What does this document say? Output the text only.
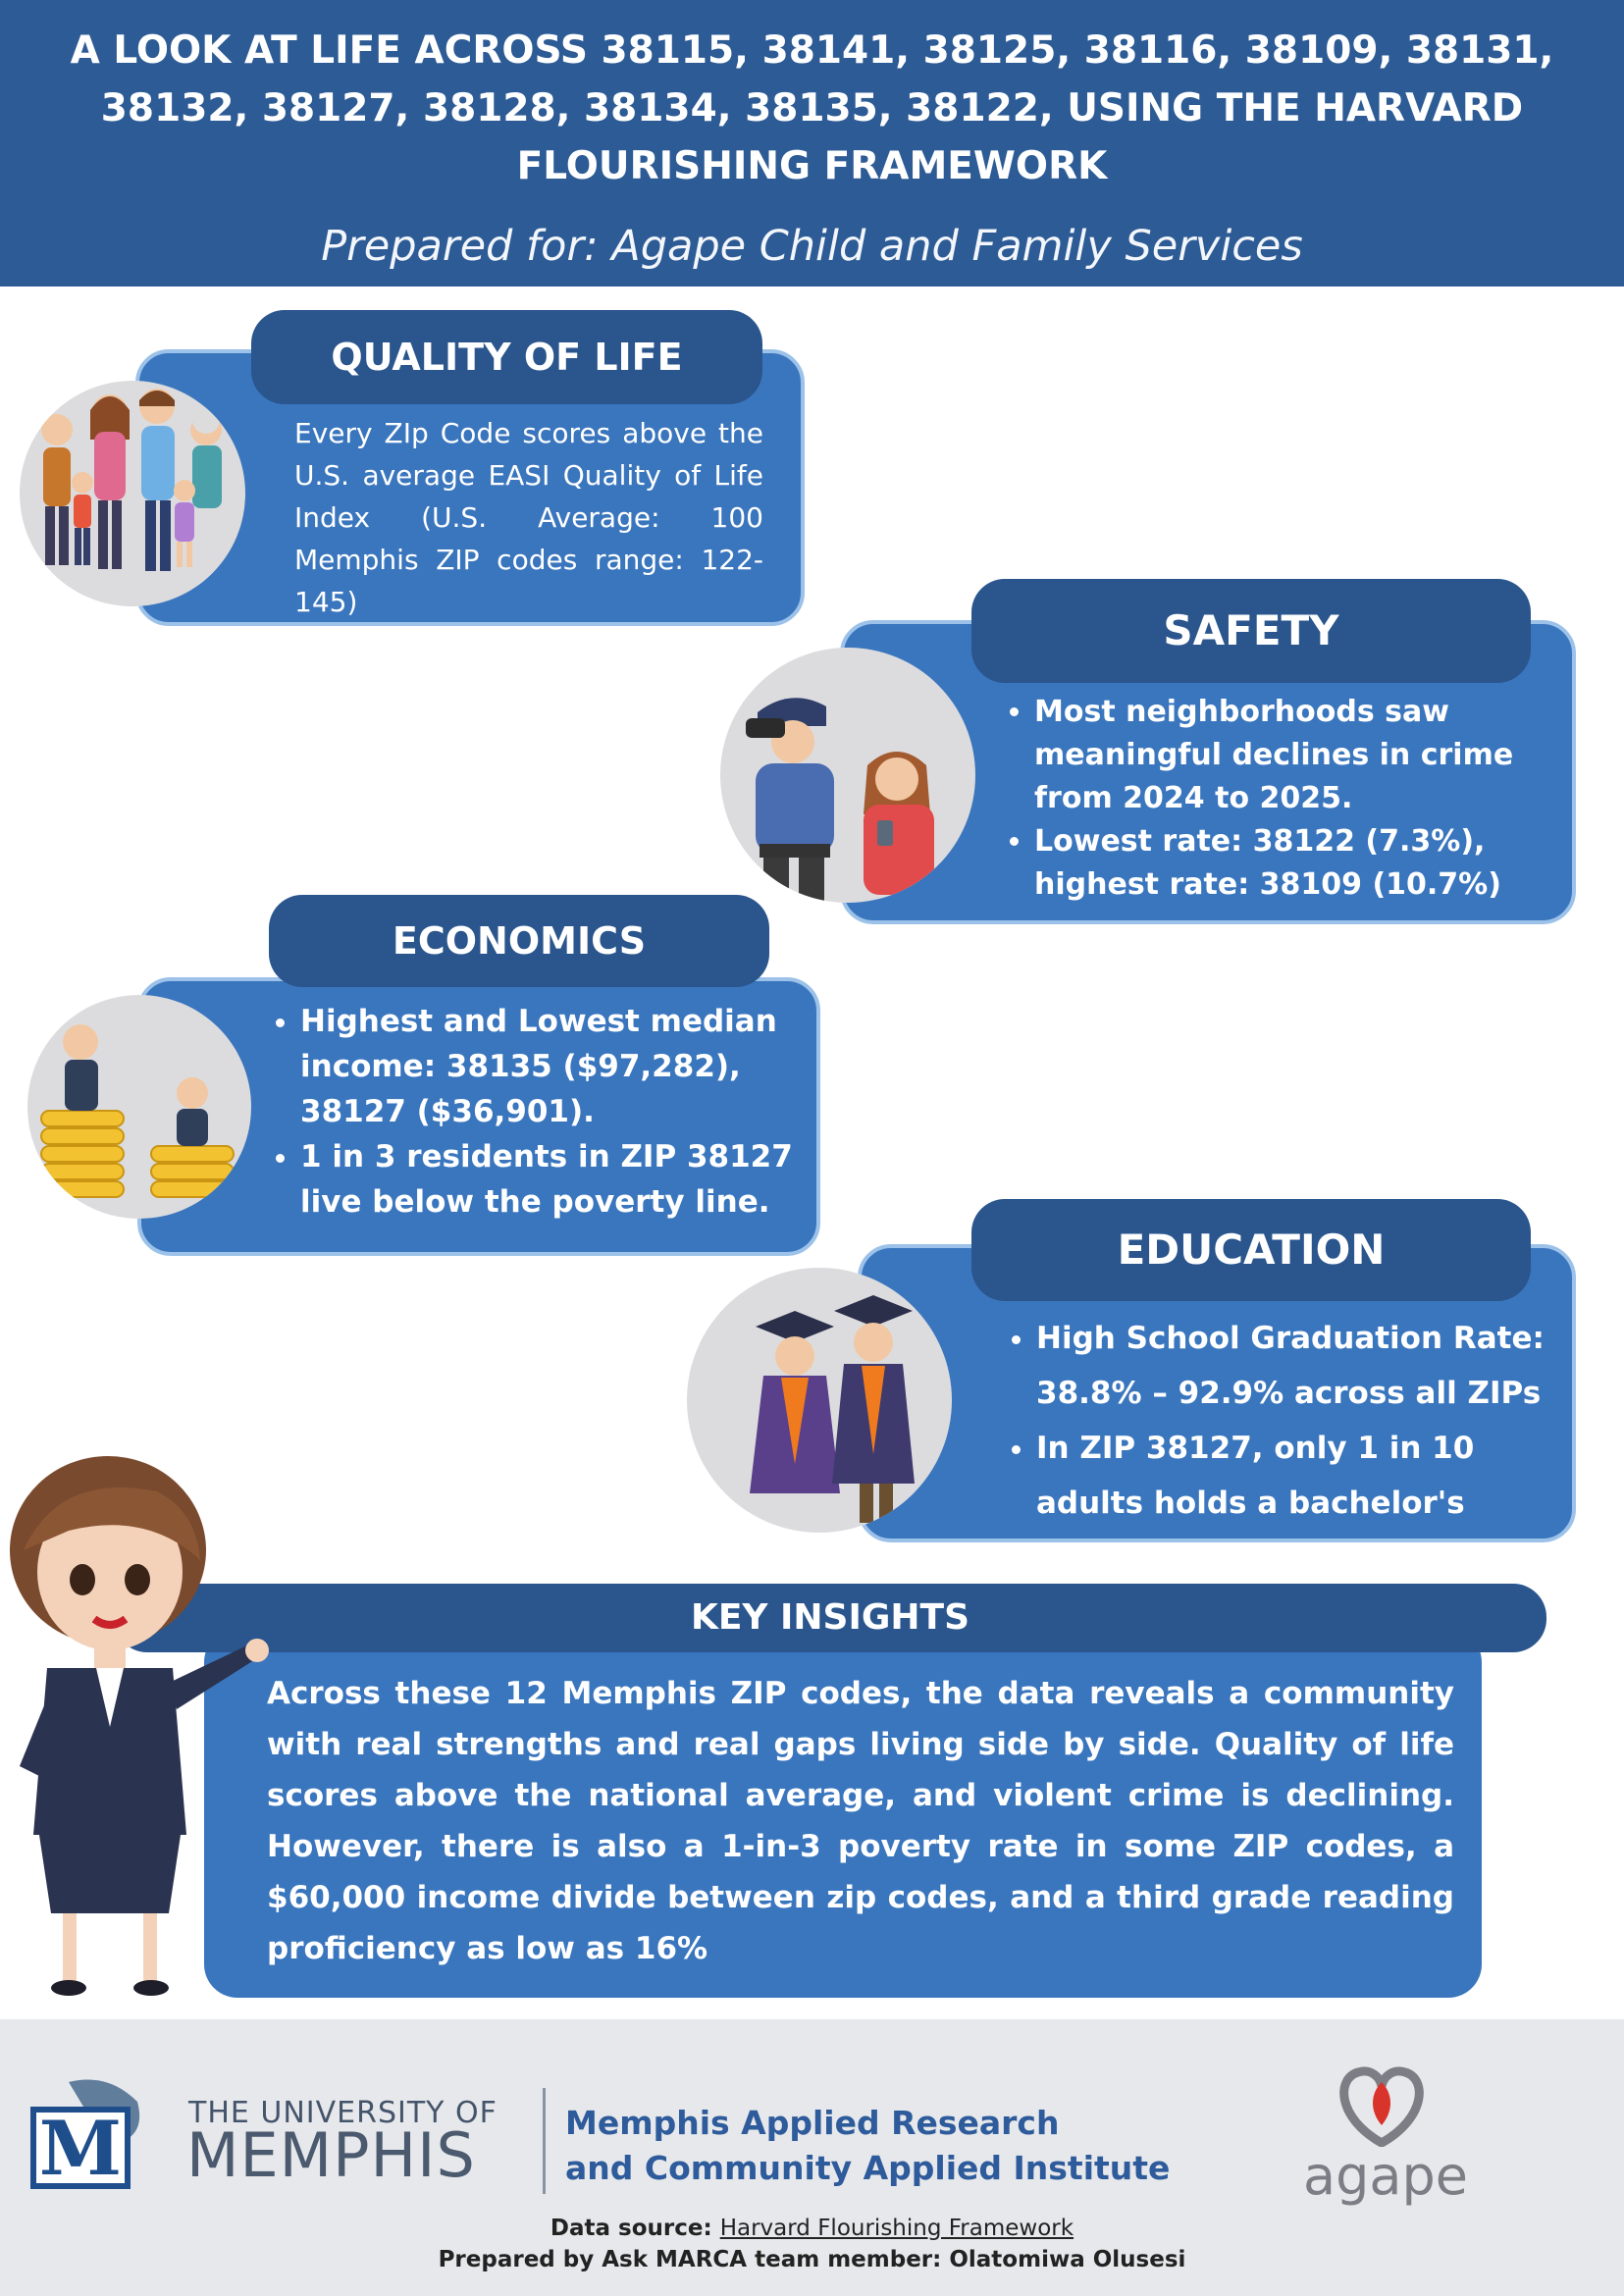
A LOOK AT LIFE ACROSS 38115, 38141, 38125, 38116, 38109, 38131, 38132, 38127, 38128, 38134, 38135, 38122, USING THE HARVARD FLOURISHING FRAMEWORK
Prepared for: Agape Child and Family Services
QUALITY OF LIFE
Every ZIp Code scores above the U.S. average EASI Quality of Life Index (U.S. Average: 100 Memphis ZIP codes range: 122-145)
SAFETY
• Most neighborhoods saw meaningful declines in crime from 2024 to 2025.
• Lowest rate: 38122 (7.3%), highest rate: 38109 (10.7%)
ECONOMICS
• Highest and Lowest median income: 38135 ($97,282), 38127 ($36,901).
• 1 in 3 residents in ZIP 38127 live below the poverty line.
EDUCATION
• High School Graduation Rate: 38.8% – 92.9% across all ZIPs
• In ZIP 38127, only 1 in 10 adults holds a bachelor's degree
KEY INSIGHTS
Across these 12 Memphis ZIP codes, the data reveals a community with real strengths and real gaps living side by side. Quality of life scores above the national average, and violent crime is declining. However, there is also a 1-in-3 poverty rate in some ZIP codes, a $60,000 income divide between zip codes, and a third grade reading proficiency as low as 16%
M THE UNIVERSITY OF
MEMPHIS	Memphis Applied Research
and Community Applied Institute	agape
Data source: Harvard Flourishing Framework
Prepared by Ask MARCA team member: Olatomiwa Olusesi
